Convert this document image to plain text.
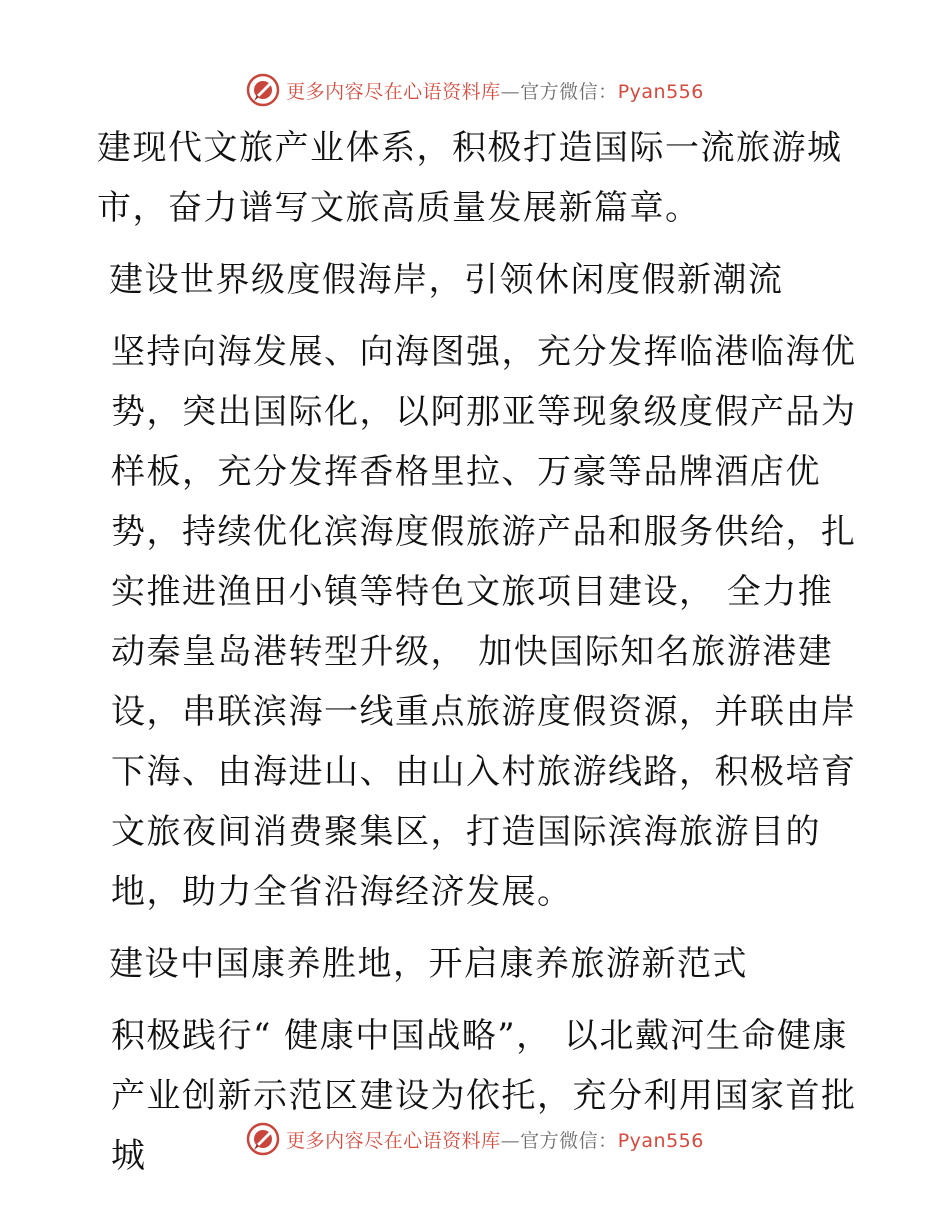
更多内容尽在心语资料库—官方微信：Pyan556

建现代文旅产业体系，积极打造国际一流旅游城市，奋力谱写文旅高质量发展新篇章。

建设世界级度假海岸，引领休闲度假新潮流

坚持向海发展、向海图强，充分发挥临港临海优势，突出国际化，以阿那亚等现象级度假产品为样板，充分发挥香格里拉、万豪等品牌酒店优势，持续优化滨海度假旅游产品和服务供给，扎实推进渔田小镇等特色文旅项目建设， 全力推动秦皇岛港转型升级， 加快国际知名旅游港建设，串联滨海一线重点旅游度假资源，并联由岸下海、由海进山、由山入村旅游线路，积极培育文旅夜间消费聚集区，打造国际滨海旅游目的地，助力全省沿海经济发展。

建设中国康养胜地，开启康养旅游新范式

积极践行“ 健康中国战略”， 以北戴河生命健康产业创新示范区建设为依托，充分利用国家首批城	更多内容尽在心语资料库—官方微信：Pyan556
